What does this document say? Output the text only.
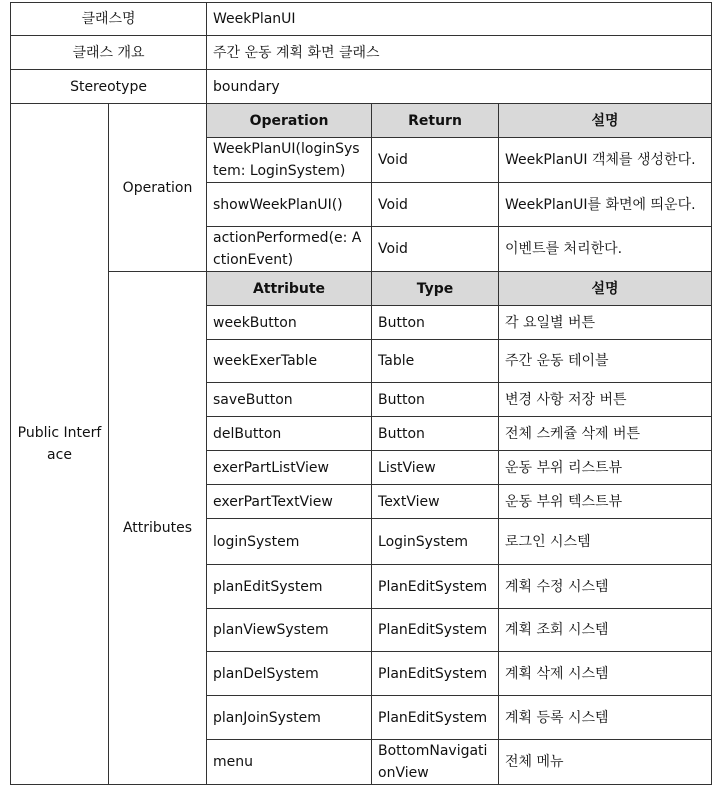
클래스명		WeekPlanUI		
클래스 개요		주간 운동 계획 화면 클래스		
Stereotype		boundary		
Public Interface	Operation	Operation	Return	설명
		WeekPlanUI(loginSystem: LoginSystem)	Void	WeekPlanUI 객체를 생성한다.
		showWeekPlanUI()	Void	WeekPlanUI를 화면에 띄운다.
		actionPerformed(e: ActionEvent)	Void	이벤트를 처리한다.
	Attributes	Attribute	Type	설명
		weekButton	Button	각 요일별 버튼
		weekExerTable	Table	주간 운동 테이블
		saveButton	Button	변경 사항 저장 버튼
		delButton	Button	전체 스케쥴 삭제 버튼
		exerPartListView	ListView	운동 부위 리스트뷰
		exerPartTextView	TextView	운동 부위 텍스트뷰
		loginSystem	LoginSystem	로그인 시스템
		planEditSystem	PlanEditSystem	계획 수정 시스템
		planViewSystem	PlanEditSystem	계획 조회 시스템
		planDelSystem	PlanEditSystem	계획 삭제 시스템
		planJoinSystem	PlanEditSystem	계획 등록 시스템
		menu	BottomNavigationView	전체 메뉴
